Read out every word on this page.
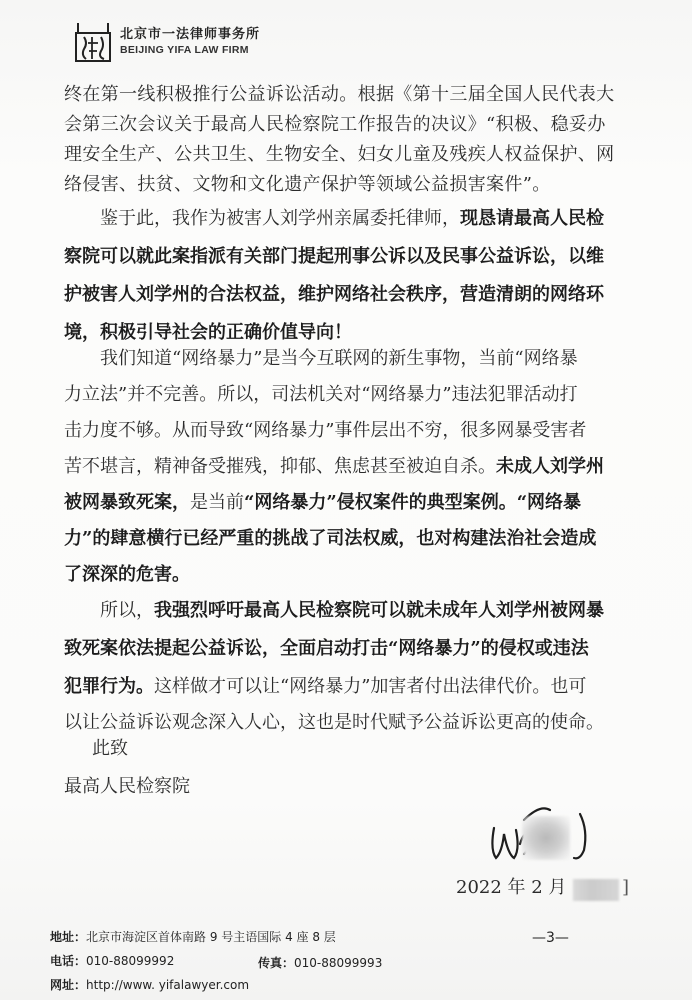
北京市一法律师事务所
BEIJING YIFA LAW FIRM
终在第一线积极推行公益诉讼活动。根据《第十三届全国人民代表大
会第三次会议关于最高人民检察院工作报告的决议》“积极、稳妥办
理安全生产、公共卫生、生物安全、妇女儿童及残疾人权益保护、网
络侵害、扶贫、文物和文化遗产保护等领域公益损害案件”。
鉴于此，我作为被害人刘学州亲属委托律师，现恳请最高人民检
察院可以就此案指派有关部门提起刑事公诉以及民事公益诉讼，以维
护被害人刘学州的合法权益，维护网络社会秩序，营造清朗的网络环
境，积极引导社会的正确价值导向！
我们知道“网络暴力”是当今互联网的新生事物，当前“网络暴
力立法”并不完善。所以，司法机关对“网络暴力”违法犯罪活动打
击力度不够。从而导致“网络暴力”事件层出不穷，很多网暴受害者
苦不堪言，精神备受摧残，抑郁、焦虑甚至被迫自杀。未成人刘学州
被网暴致死案，是当前“网络暴力”侵权案件的典型案例。“网络暴
力”的肆意横行已经严重的挑战了司法权威，也对构建法治社会造成
了深深的危害。
所以，我强烈呼吁最高人民检察院可以就未成年人刘学州被网暴
致死案依法提起公益诉讼，全面启动打击“网络暴力”的侵权或违法
犯罪行为。这样做才可以让“网络暴力”加害者付出法律代价。也可
以让公益诉讼观念深入人心，这也是时代赋予公益诉讼更高的使命。
此致
最高人民检察院
2022 年 2 月	]
地址：北京市海淀区首体南路 9 号主语国际 4 座 8 层
电话：010-88099992	传真：010-88099993
网址：http://www. yifalawyer.com
—3—
